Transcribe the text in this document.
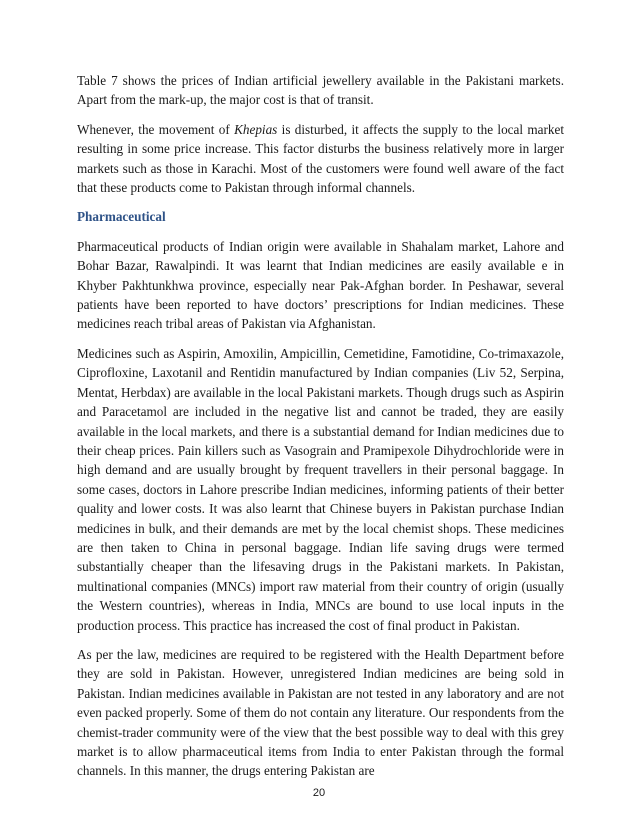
Table 7 shows the prices of Indian artificial jewellery available in the Pakistani markets. Apart from the mark-up, the major cost is that of transit.

Whenever, the movement of Khepias is disturbed, it affects the supply to the local market resulting in some price increase. This factor disturbs the business relatively more in larger markets such as those in Karachi. Most of the customers were found well aware of the fact that these products come to Pakistan through informal channels.

Pharmaceutical

Pharmaceutical products of Indian origin were available in Shahalam market, Lahore and Bohar Bazar, Rawalpindi. It was learnt that Indian medicines are easily available e in Khyber Pakhtunkhwa province, especially near Pak-Afghan border. In Peshawar, several patients have been reported to have doctors’ prescriptions for Indian medicines. These medicines reach tribal areas of Pakistan via Afghanistan.

Medicines such as Aspirin, Amoxilin, Ampicillin, Cemetidine, Famotidine, Co-trimaxazole, Ciprofloxine, Laxotanil and Rentidin manufactured by Indian companies (Liv 52, Serpina, Mentat, Herbdax) are available in the local Pakistani markets. Though drugs such as Aspirin and Paracetamol are included in the negative list and cannot be traded, they are easily available in the local markets, and there is a substantial demand for Indian medicines due to their cheap prices. Pain killers such as Vasograin and Pramipexole Dihydrochloride were in high demand and are usually brought by frequent travellers in their personal baggage. In some cases, doctors in Lahore prescribe Indian medicines, informing patients of their better quality and lower costs. It was also learnt that Chinese buyers in Pakistan purchase Indian medicines in bulk, and their demands are met by the local chemist shops. These medicines are then taken to China in personal baggage. Indian life saving drugs were termed substantially cheaper than the lifesaving drugs in the Pakistani markets. In Pakistan, multinational companies (MNCs) import raw material from their country of origin (usually the Western countries), whereas in India, MNCs are bound to use local inputs in the production process. This practice has increased the cost of final product in Pakistan.

As per the law, medicines are required to be registered with the Health Department before they are sold in Pakistan. However, unregistered Indian medicines are being sold in Pakistan. Indian medicines available in Pakistan are not tested in any laboratory and are not even packed properly. Some of them do not contain any literature. Our respondents from the chemist-trader community were of the view that the best possible way to deal with this grey market is to allow pharmaceutical items from India to enter Pakistan through the formal channels. In this manner, the drugs entering Pakistan are

20
